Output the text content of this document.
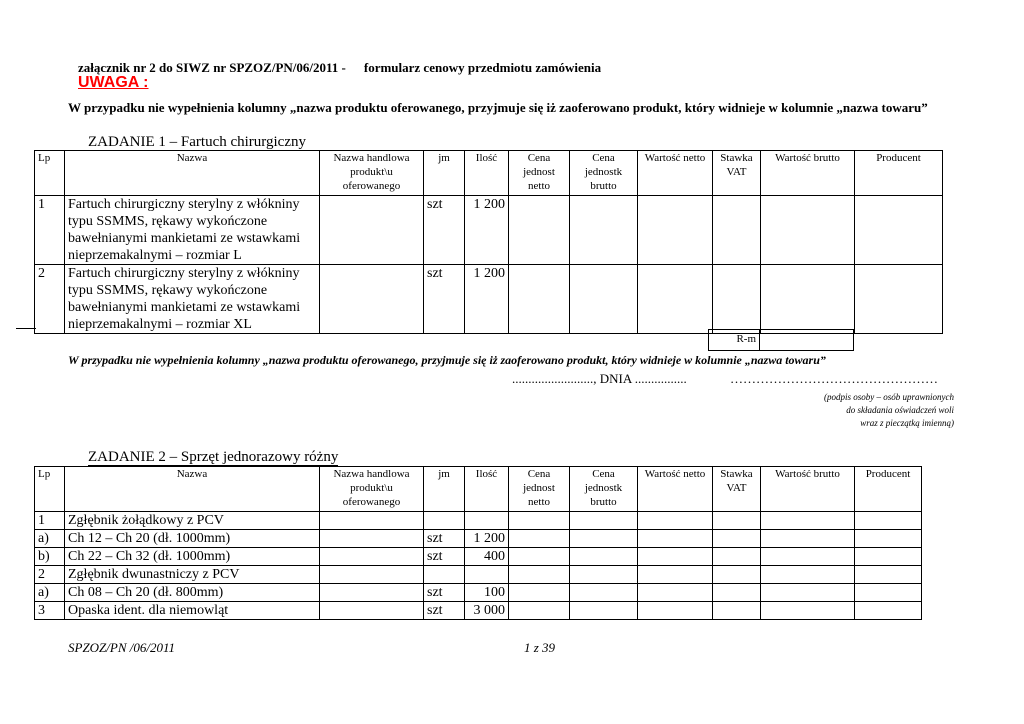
załącznik nr 2 do SIWZ nr SPZOZ/PN/06/2011 - formularz cenowy przedmiotu zamówienia
UWAGA :
W przypadku nie wypełnienia kolumny „nazwa produktu oferowanego, przyjmuje się iż zaoferowano produkt, który widnieje w kolumnie „nazwa towaru”
ZADANIE 1 – Fartuch chirurgiczny
Lp	Nazwa	Nazwa handlowa produkt\u oferowanego	jm	Ilość	Cena jednost netto	Cena jednostk brutto	Wartość netto	Stawka VAT	Wartość brutto	Producent
1	Fartuch chirurgiczny sterylny z włókniny typu SSMMS, rękawy wykończone bawełnianymi mankietami ze wstawkami nieprzemakalnymi – rozmiar L		szt	1 200						
2	Fartuch chirurgiczny sterylny z włókniny typu SSMMS, rękawy wykończone bawełnianymi mankietami ze wstawkami nieprzemakalnymi – rozmiar XL		szt	1 200						
R-m
W przypadku nie wypełnienia kolumny „nazwa produktu oferowanego, przyjmuje się iż zaoferowano produkt, który widnieje w kolumnie „nazwa towaru”
........................., DNIA ................	…………………………………………
(podpis osoby – osób uprawnionych
do składania oświadczeń woli
wraz z pieczątką imienną)
ZADANIE 2 – Sprzęt jednorazowy różny
Lp	Nazwa	Nazwa handlowa produkt\u oferowanego	jm	Ilość	Cena jednost netto	Cena jednostk brutto	Wartość netto	Stawka VAT	Wartość brutto	Producent
1	Zgłębnik żołądkowy z PCV									
a)	Ch 12 – Ch 20 (dł. 1000mm)		szt	1 200						
b)	Ch 22 – Ch 32 (dł. 1000mm)		szt	400						
2	Zgłębnik dwunastniczy z PCV									
a)	Ch 08 – Ch 20 (dł. 800mm)		szt	100						
3	Opaska ident. dla niemowląt		szt	3 000						
SPZOZ/PN /06/2011	1 z 39
